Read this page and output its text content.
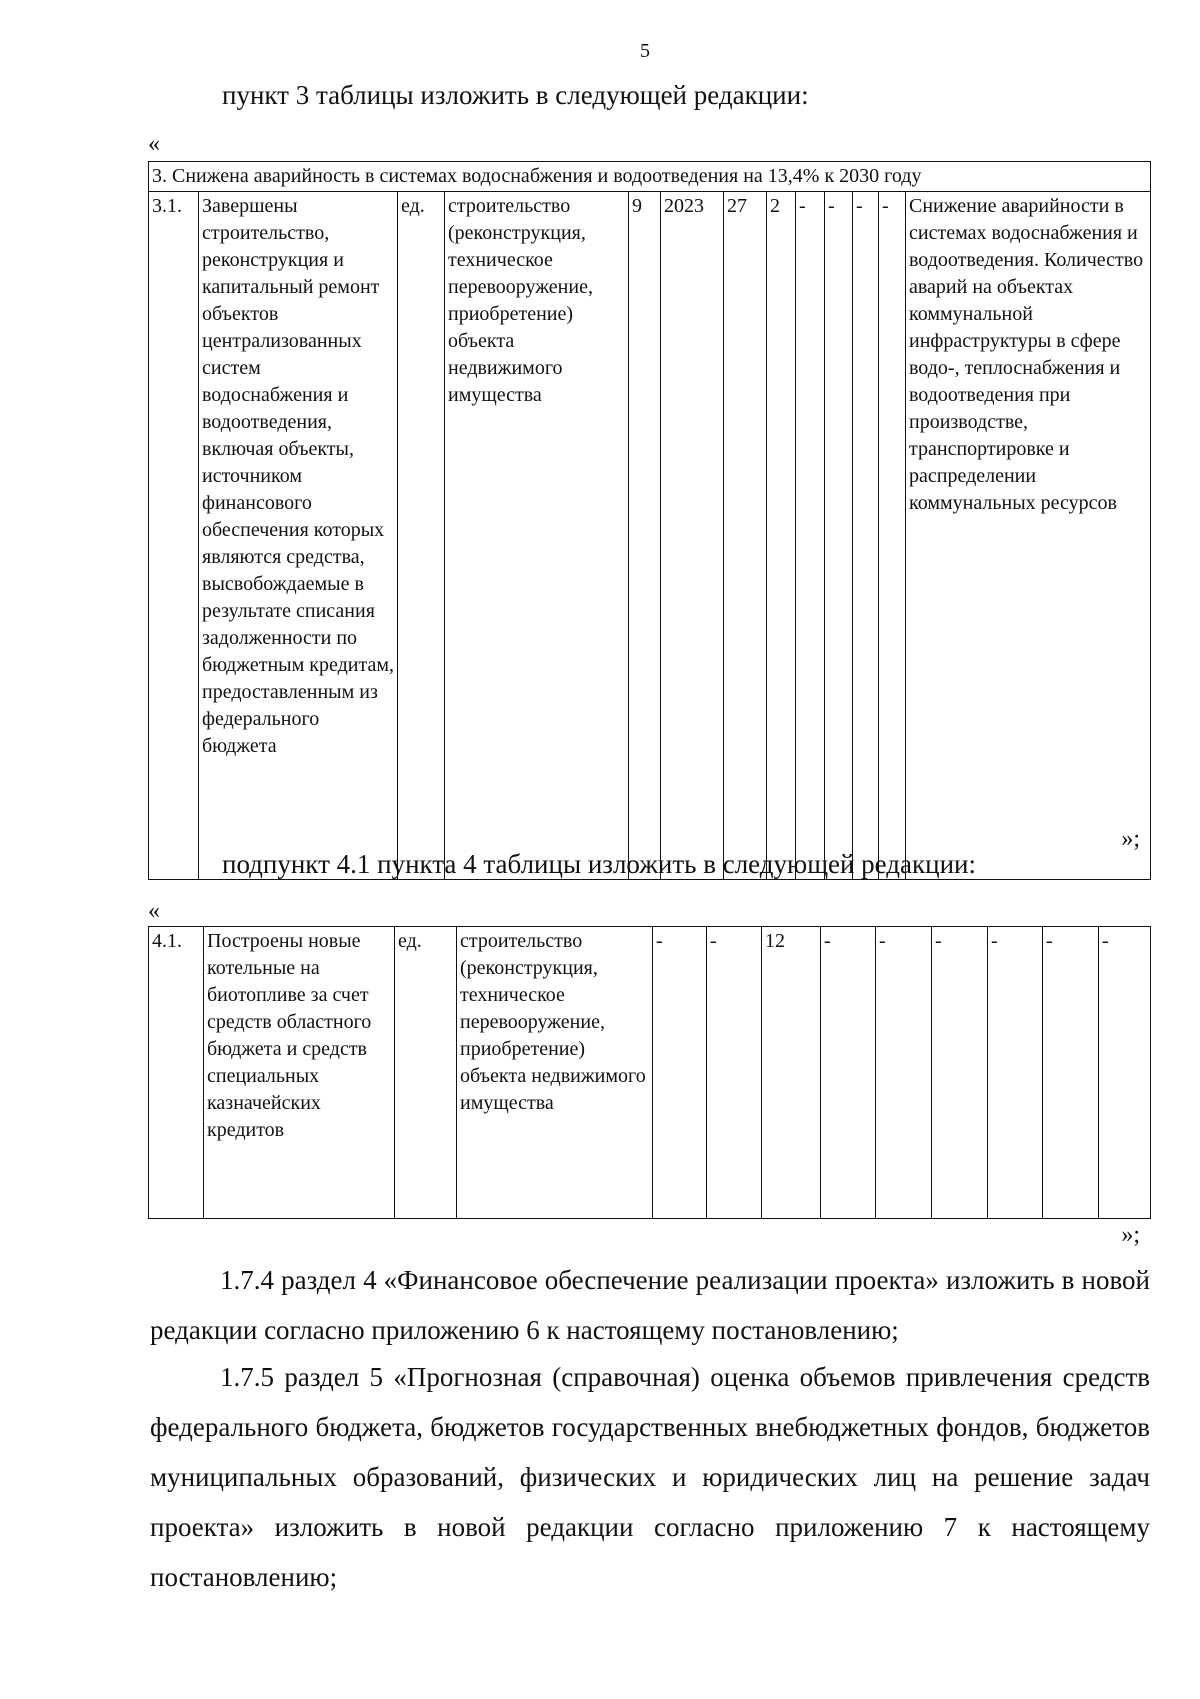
5
пункт 3 таблицы изложить в следующей редакции:
«
3. Снижена аварийность в системах водоснабжения и водоотведения на 13,4% к 2030 году
3.1.	Завершены строительство, реконструкция и капитальный ремонт объектов централизованных систем водоснабжения и водоотведения, включая объекты, источником финансового обеспечения которых являются средства, высвобождаемые в результате списания задолженности по бюджетным кредитам, предоставленным из федерального бюджета	ед.	строительство (реконструкция, техническое перевооружение, приобретение) объекта недвижимого имущества	9	2023	27	2	-	-	-	-	Снижение аварийности в системах водоснабжения и водоотведения. Количество аварий на объектах коммунальной инфраструктуры в сфере водо-, теплоснабжения и водоотведения при производстве, транспортировке и распределении коммунальных ресурсов
»;
подпункт 4.1 пункта 4 таблицы изложить в следующей редакции:
«
4.1.	Построены новые котельные на биотопливе за счет средств областного бюджета и средств специальных казначейских кредитов	ед.	строительство (реконструкция, техническое перевооружение, приобретение) объекта недвижимого имущества	-	-	12	-	-	-	-	-	-
»;

1.7.4 раздел 4 «Финансовое обеспечение реализации проекта» изложить в новой редакции согласно приложению 6 к настоящему постановлению;

1.7.5 раздел 5 «Прогнозная (справочная) оценка объемов привлечения средств федерального бюджета, бюджетов государственных внебюджетных фондов, бюджетов муниципальных образований, физических и юридических лиц на решение задач проекта» изложить в новой редакции согласно приложению 7 к настоящему постановлению;
